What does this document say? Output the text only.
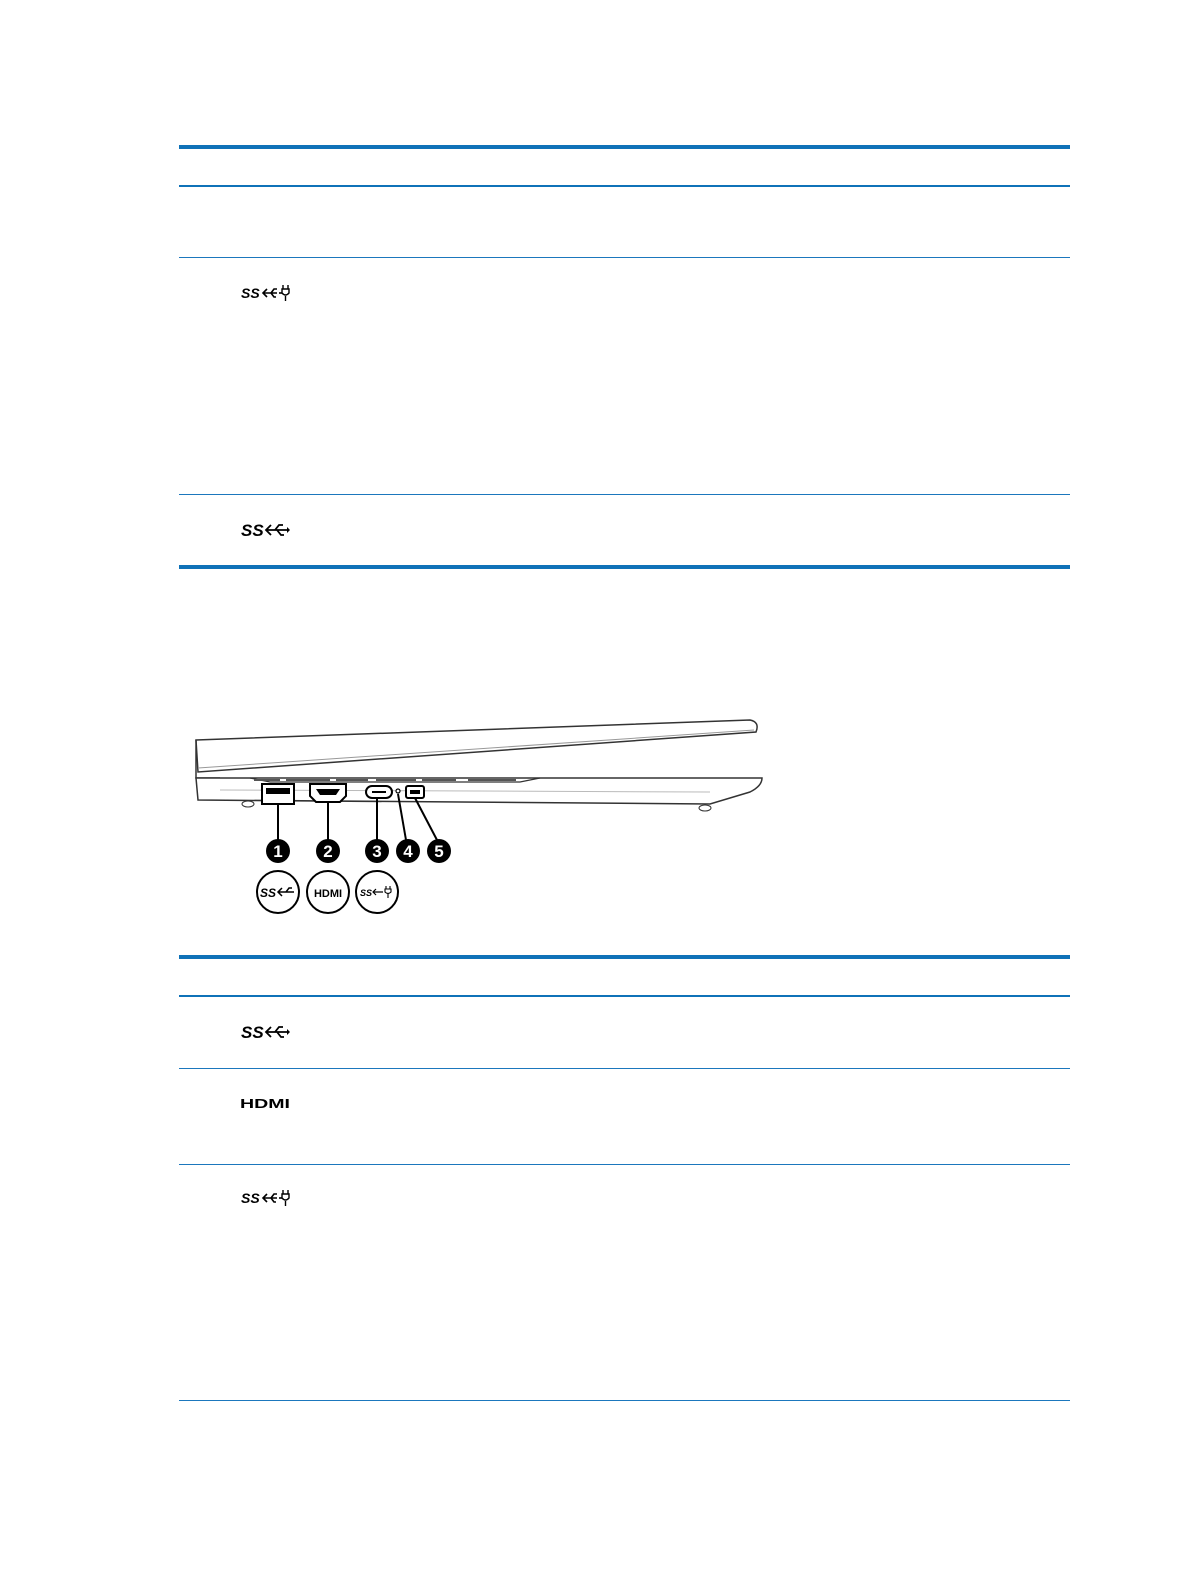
SS
SS
1 2 3 4 5
SS	HDMI SS
SS
HDMI
SS
